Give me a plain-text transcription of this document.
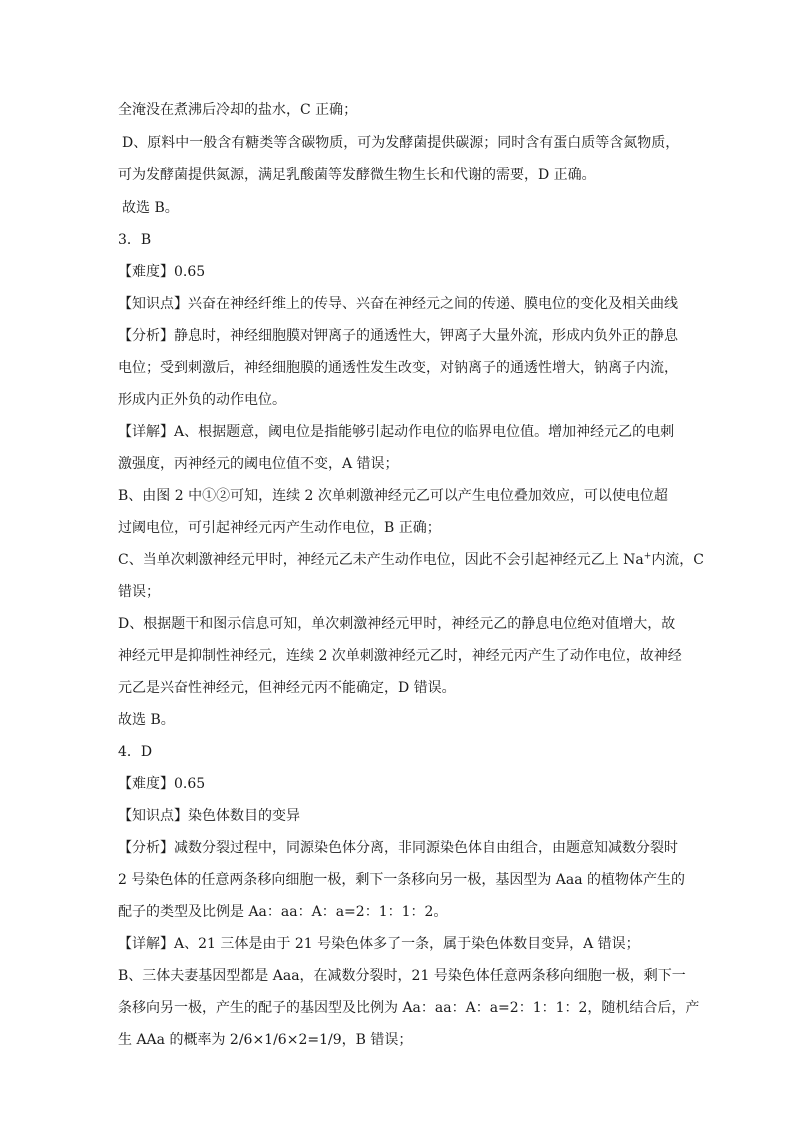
全淹没在煮沸后冷却的盐水，C 正确；
D、原料中一般含有糖类等含碳物质，可为发酵菌提供碳源；同时含有蛋白质等含氮物质，
可为发酵菌提供氮源，满足乳酸菌等发酵微生物生长和代谢的需要，D 正确。
故选 B。
3．B
【难度】0.65
【知识点】兴奋在神经纤维上的传导、兴奋在神经元之间的传递、膜电位的变化及相关曲线
【分析】静息时，神经细胞膜对钾离子的通透性大，钾离子大量外流，形成内负外正的静息
电位；受到刺激后，神经细胞膜的通透性发生改变，对钠离子的通透性增大，钠离子内流，
形成内正外负的动作电位。
【详解】A、根据题意，阈电位是指能够引起动作电位的临界电位值。增加神经元乙的电刺
激强度，丙神经元的阈电位值不变，A 错误；
B、由图 2 中①②可知，连续 2 次单刺激神经元乙可以产生电位叠加效应，可以使电位超
过阈电位，可引起神经元丙产生动作电位，B 正确；
C、当单次刺激神经元甲时，神经元乙未产生动作电位，因此不会引起神经元乙上 Na+内流，C
错误；
D、根据题干和图示信息可知，单次刺激神经元甲时，神经元乙的静息电位绝对值增大，故
神经元甲是抑制性神经元，连续 2 次单刺激神经元乙时，神经元丙产生了动作电位，故神经
元乙是兴奋性神经元，但神经元丙不能确定，D 错误。
故选 B。
4．D
【难度】0.65
【知识点】染色体数目的变异
【分析】减数分裂过程中，同源染色体分离，非同源染色体自由组合，由题意知减数分裂时
2 号染色体的任意两条移向细胞一极，剩下一条移向另一极，基因型为 Aaa 的植物体产生的
配子的类型及比例是 Aa：aa：A：a=2：1：1：2。
【详解】A、21 三体是由于 21 号染色体多了一条，属于染色体数目变异，A 错误；
B、三体夫妻基因型都是 Aaa，在减数分裂时，21 号染色体任意两条移向细胞一极，剩下一
条移向另一极，产生的配子的基因型及比例为 Aa：aa：A：a=2：1：1：2，随机结合后，产
生 AAa 的概率为 2/6×1/6×2=1/9，B 错误；
